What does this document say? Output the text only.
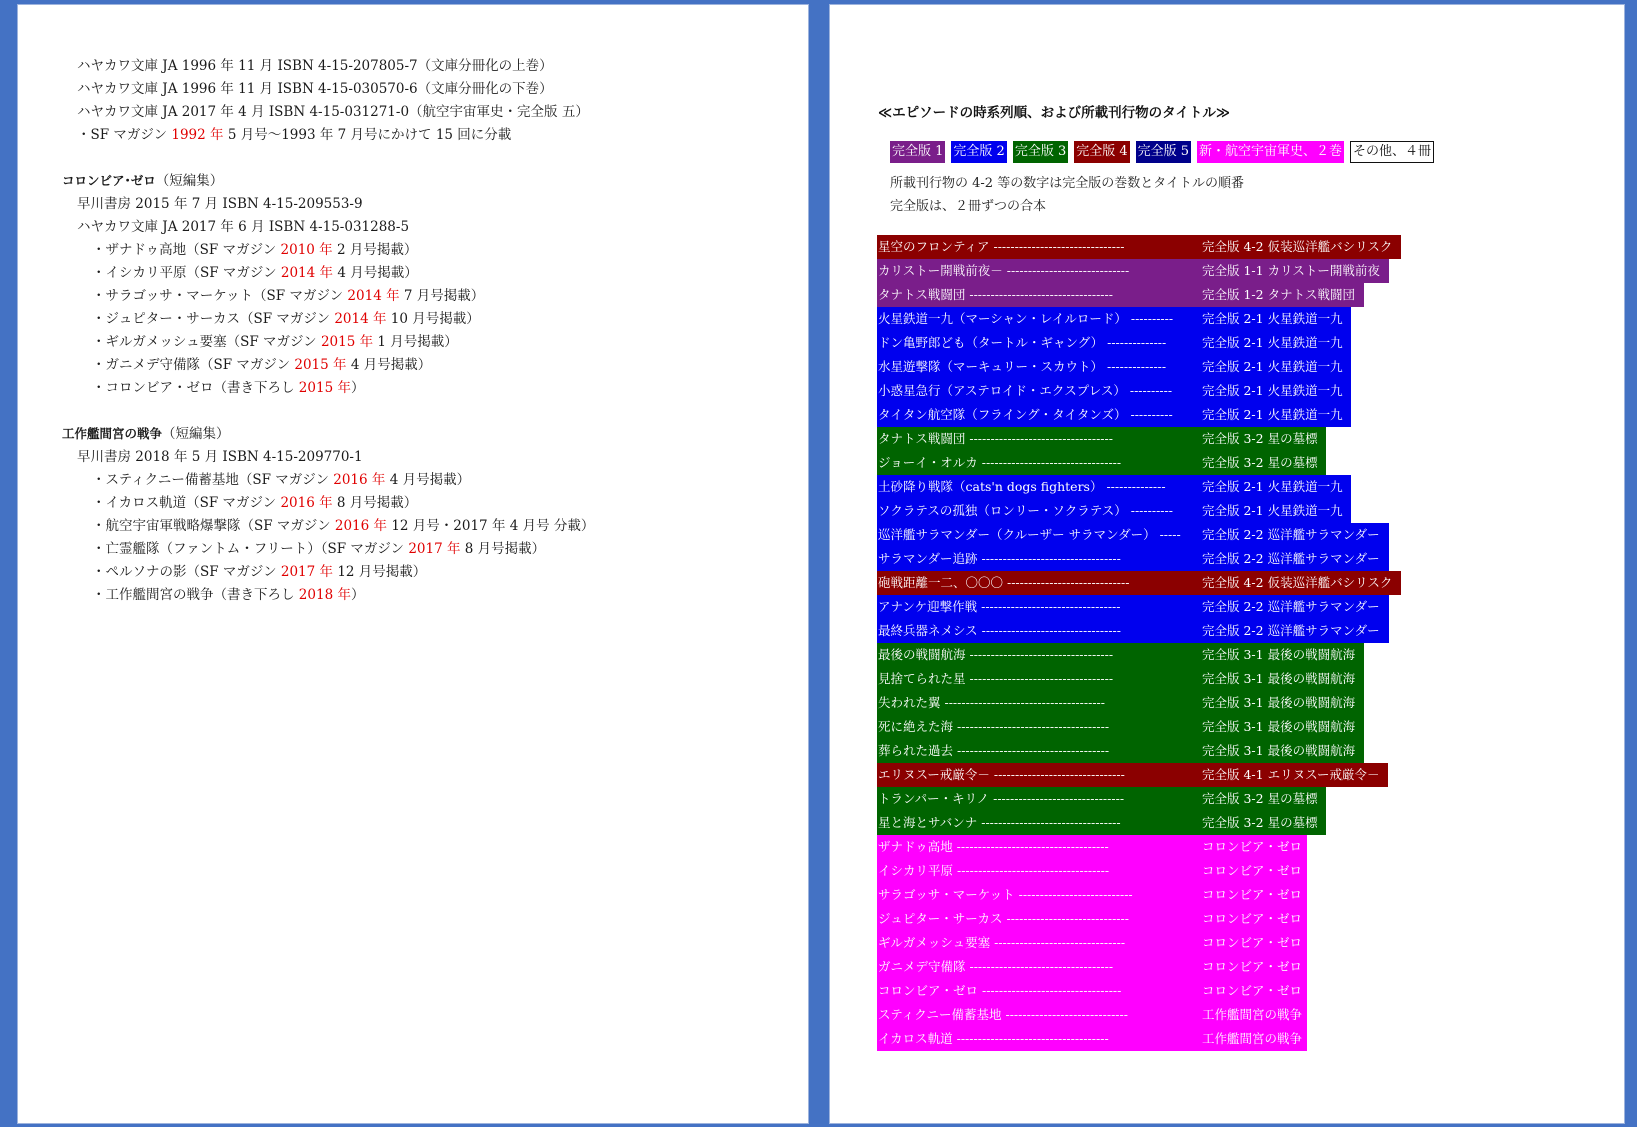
ハヤカワ文庫 JA 1996 年 11 月 ISBN 4-15-207805-7（文庫分冊化の上巻）
ハヤカワ文庫 JA 1996 年 11 月 ISBN 4-15-030570-6（文庫分冊化の下巻）
ハヤカワ文庫 JA 2017 年 4 月 ISBN 4-15-031271-0（航空宇宙軍史・完全版 五）
・SF マガジン 1992 年 5 月号〜1993 年 7 月号にかけて 15 回に分載
コロンビア･ゼロ（短編集）
早川書房 2015 年 7 月 ISBN 4-15-209553-9
ハヤカワ文庫 JA 2017 年 6 月 ISBN 4-15-031288-5
・ザナドゥ高地（SF マガジン 2010 年 2 月号掲載）
・イシカリ平原（SF マガジン 2014 年 4 月号掲載）
・サラゴッサ・マーケット（SF マガジン 2014 年 7 月号掲載）
・ジュピター・サーカス（SF マガジン 2014 年 10 月号掲載）
・ギルガメッシュ要塞（SF マガジン 2015 年 1 月号掲載）
・ガニメデ守備隊（SF マガジン 2015 年 4 月号掲載）
・コロンビア・ゼロ（書き下ろし 2015 年）
工作艦間宮の戦争（短編集）
早川書房 2018 年 5 月 ISBN 4-15-209770-1
・スティクニー備蓄基地（SF マガジン 2016 年 4 月号掲載）
・イカロス軌道（SF マガジン 2016 年 8 月号掲載）
・航空宇宙軍戦略爆撃隊（SF マガジン 2016 年 12 月号・2017 年 4 月号 分載）
・亡霊艦隊（ファントム・フリート）（SF マガジン 2017 年 8 月号掲載）
・ペルソナの影（SF マガジン 2017 年 12 月号掲載）
・工作艦間宮の戦争（書き下ろし 2018 年）
≪エピソードの時系列順、および所載刊行物のタイトル≫
完全版 1 完全版 2 完全版 3 完全版 4 完全版 5 新・航空宇宙軍史、２巻 その他、４冊
所載刊行物の 4-2 等の数字は完全版の巻数とタイトルの順番
完全版は、２冊ずつの合本
星空のフロンティア -------------------------------	完全版 4-2 仮装巡洋艦バシリスク
カリストー開戦前夜－ -----------------------------	完全版 1-1 カリストー開戦前夜
タナトス戦闘団 ----------------------------------	完全版 1-2 タナトス戦闘団
火星鉄道一九（マーシャン・レイルロード） ---------- 完全版 2-1 火星鉄道一九
ドン亀野郎ども（タートル・ギャング） --------------	完全版 2-1 火星鉄道一九
水星遊撃隊（マーキュリー・スカウト） --------------	完全版 2-1 火星鉄道一九
小惑星急行（アステロイド・エクスプレス） ---------- 完全版 2-1 火星鉄道一九
タイタン航空隊（フライング・タイタンズ） ---------- 完全版 2-1 火星鉄道一九
タナトス戦闘団 ----------------------------------	完全版 3-2 星の墓標
ジョーイ・オルカ ---------------------------------	完全版 3-2 星の墓標
土砂降り戦隊（cats'n dogs fighters） --------------	完全版 2-1 火星鉄道一九
ソクラテスの孤独（ロンリー・ソクラテス） ---------- 完全版 2-1 火星鉄道一九
巡洋艦サラマンダー（クルーザー サラマンダー） ----- 完全版 2-2 巡洋艦サラマンダー
サラマンダー追跡 ---------------------------------	完全版 2-2 巡洋艦サラマンダー
砲戦距離一二、〇〇〇 -----------------------------	完全版 4-2 仮装巡洋艦バシリスク
アナンケ迎撃作戦 ---------------------------------	完全版 2-2 巡洋艦サラマンダー
最終兵器ネメシス ---------------------------------	完全版 2-2 巡洋艦サラマンダー
最後の戦闘航海 ----------------------------------	完全版 3-1 最後の戦闘航海
見捨てられた星 ----------------------------------	完全版 3-1 最後の戦闘航海
失われた翼 --------------------------------------	完全版 3-1 最後の戦闘航海
死に絶えた海 ------------------------------------	完全版 3-1 最後の戦闘航海
葬られた過去 ------------------------------------	完全版 3-1 最後の戦闘航海
エリヌスー戒厳令－ -------------------------------	完全版 4-1 エリヌスー戒厳令－
トランパー・キリノ -------------------------------	完全版 3-2 星の墓標
星と海とサバンナ ---------------------------------	完全版 3-2 星の墓標
ザナドゥ高地 ------------------------------------	コロンビア・ゼロ
イシカリ平原 ------------------------------------	コロンビア・ゼロ
サラゴッサ・マーケット ---------------------------	コロンビア・ゼロ
ジュピター・サーカス -----------------------------	コロンビア・ゼロ
ギルガメッシュ要塞 -------------------------------	コロンビア・ゼロ
ガニメデ守備隊 ----------------------------------	コロンビア・ゼロ
コロンビア・ゼロ ---------------------------------	コロンビア・ゼロ
スティクニー備蓄基地 -----------------------------	工作艦間宮の戦争
イカロス軌道 ------------------------------------	工作艦間宮の戦争
